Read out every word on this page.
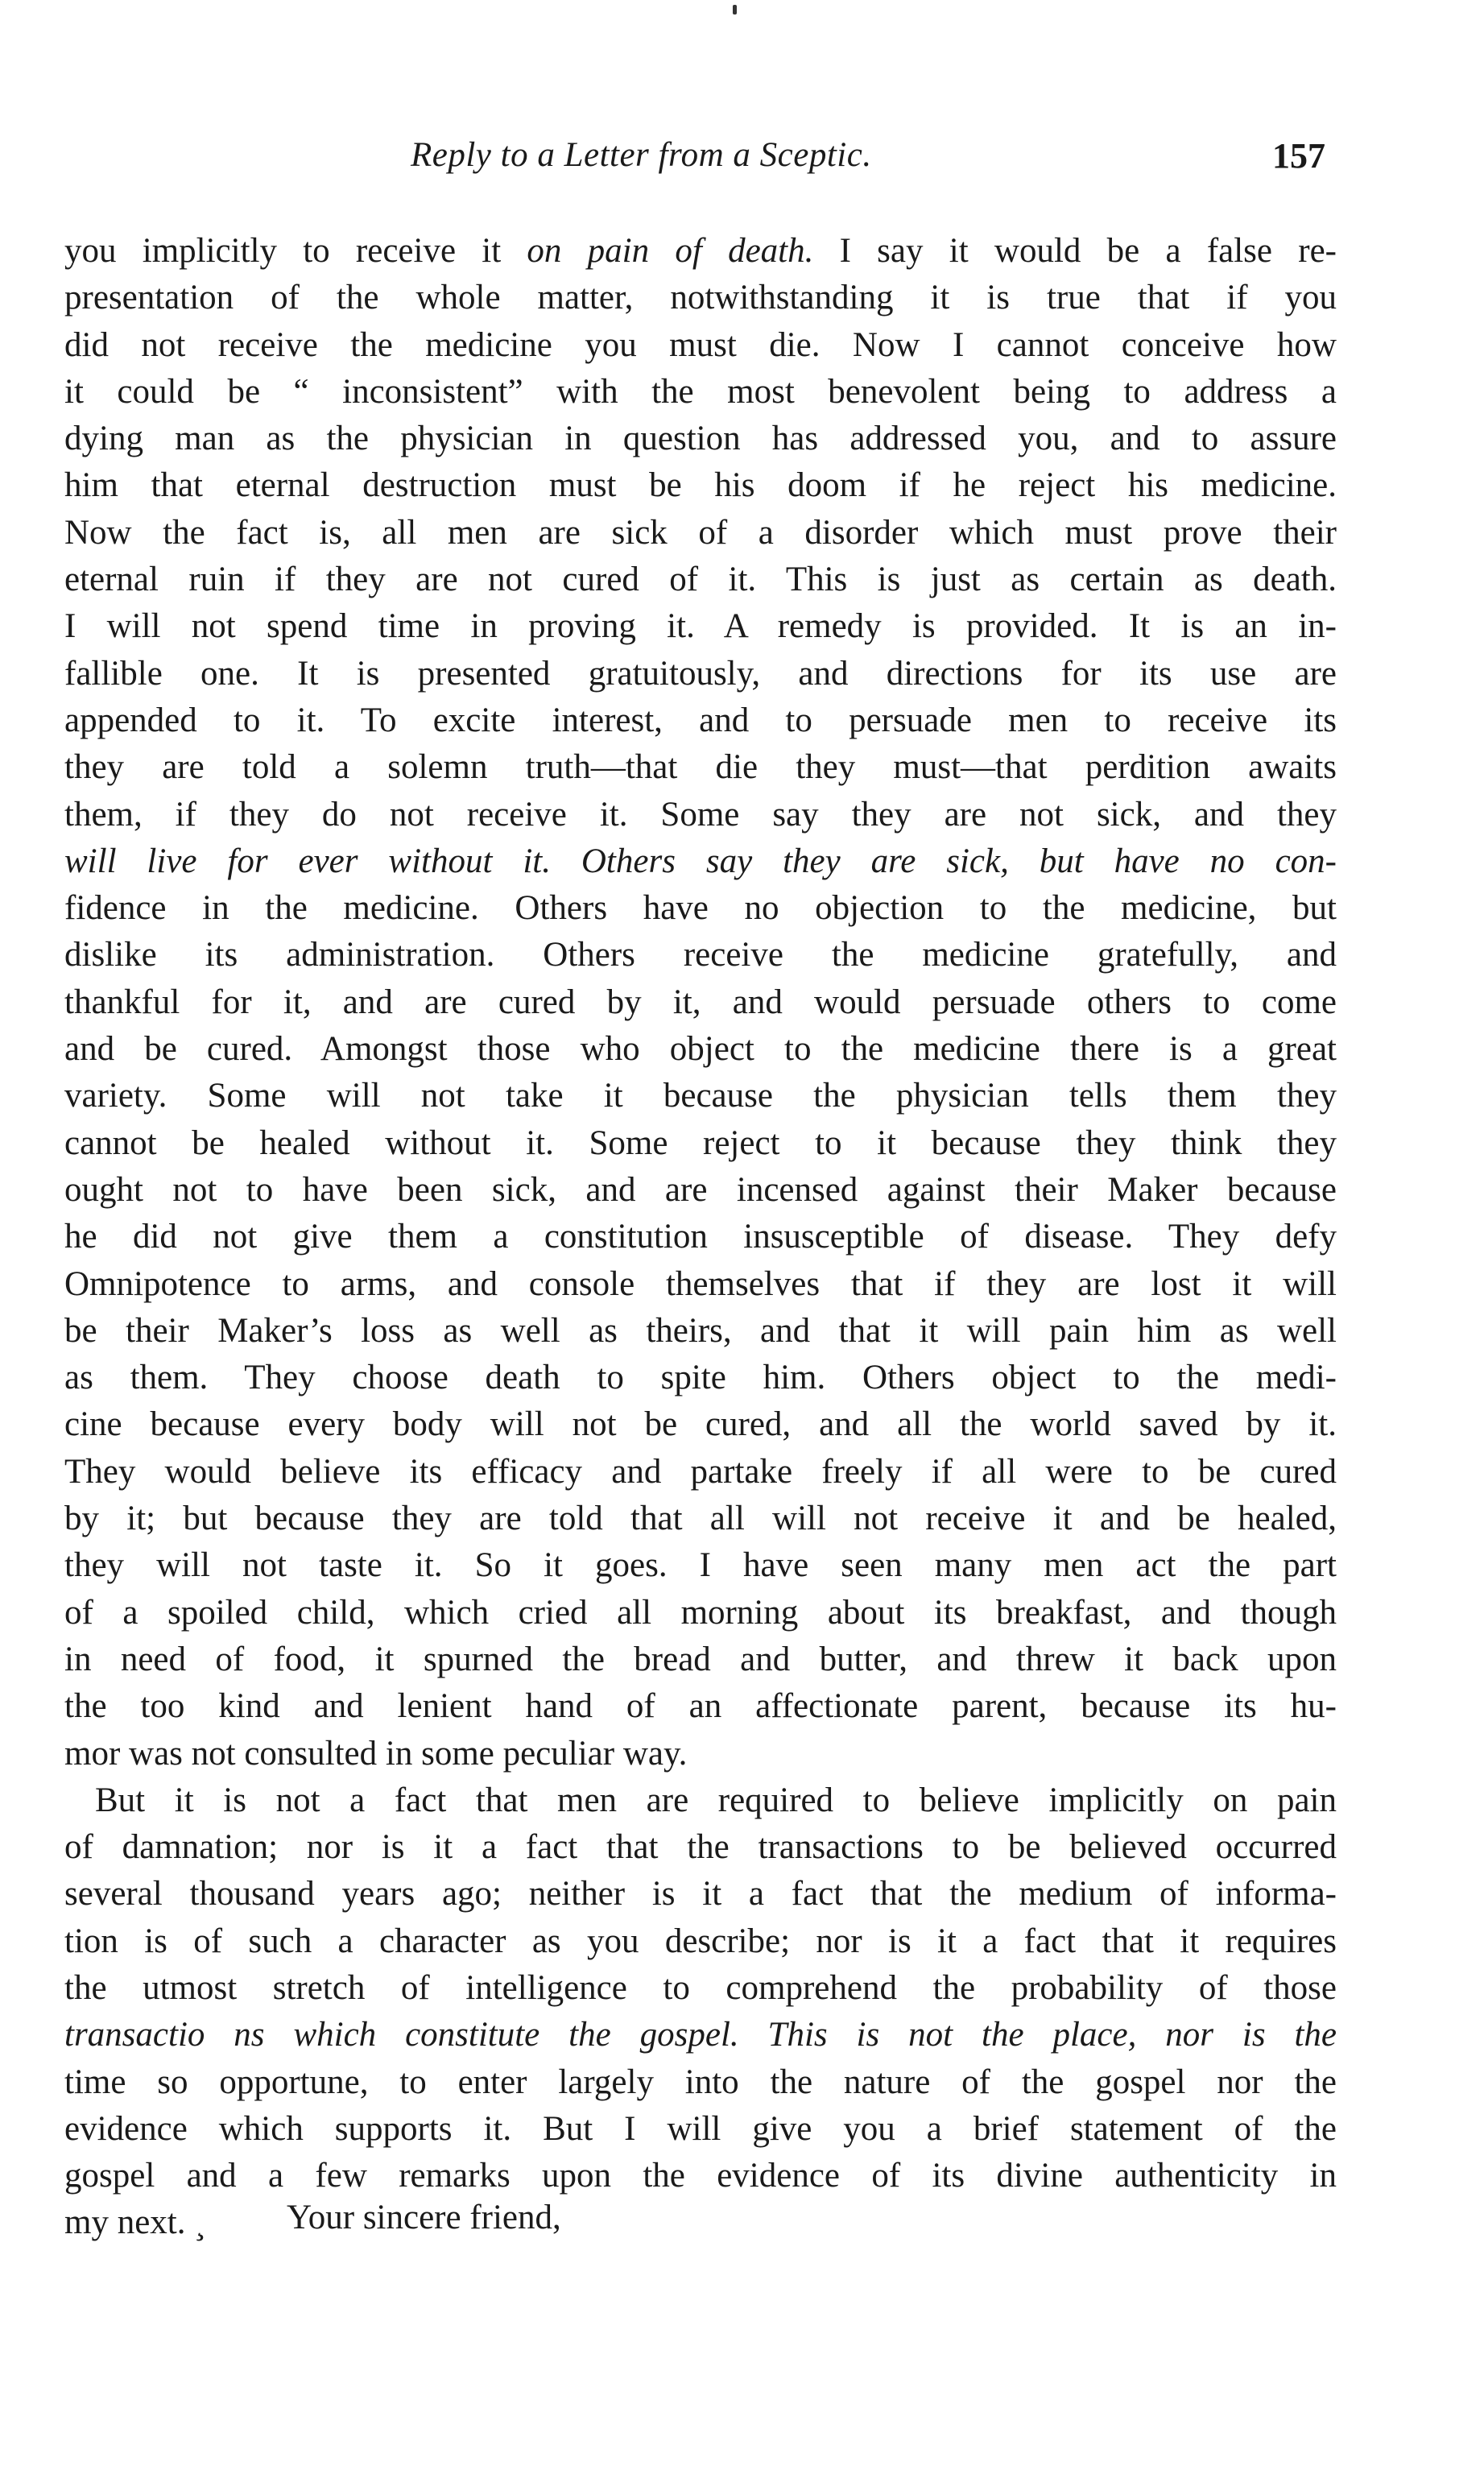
Reply to a Letter from a Sceptic.	157
you implicitly to receive it on pain of death. I say it would be a false re-
presentation of the whole matter, notwithstanding it is true that if you
did not receive the medicine you must die. Now I cannot conceive how
it could be “ inconsistent” with the most benevolent being to address a
dying man as the physician in question has addressed you, and to assure
him that eternal destruction must be his doom if he reject his medicine.
Now the fact is, all men are sick of a disorder which must prove their
eternal ruin if they are not cured of it. This is just as certain as death.
I will not spend time in proving it. A remedy is provided. It is an in-
fallible one. It is presented gratuitously, and directions for its use are
appended to it. To excite interest, and to persuade men to receive its
they are told a solemn truth—that die they must—that perdition awaits
them, if they do not receive it. Some say they are not sick, and they
will live for ever without it. Others say they are sick, but have no con-
fidence in the medicine. Others have no objection to the medicine, but
dislike its administration. Others receive the medicine gratefully, and
thankful for it, and are cured by it, and would persuade others to come
and be cured. Amongst those who object to the medicine there is a great
variety. Some will not take it because the physician tells them they
cannot be healed without it. Some reject to it because they think they
ought not to have been sick, and are incensed against their Maker because
he did not give them a constitution insusceptible of disease. They defy
Omnipotence to arms, and console themselves that if they are lost it will
be their Maker’s loss as well as theirs, and that it will pain him as well
as them. They choose death to spite him. Others object to the medi-
cine because every body will not be cured, and all the world saved by it.
They would believe its efficacy and partake freely if all were to be cured
by it; but because they are told that all will not receive it and be healed,
they will not taste it. So it goes. I have seen many men act the part
of a spoiled child, which cried all morning about its breakfast, and though
in need of food, it spurned the bread and butter, and threw it back upon
the too kind and lenient hand of an affectionate parent, because its hu-
mor was not consulted in some peculiar way.
But it is not a fact that men are required to believe implicitly on pain
of damnation; nor is it a fact that the transactions to be believed occurred
several thousand years ago; neither is it a fact that the medium of informa-
tion is of such a character as you describe; nor is it a fact that it requires
the utmost stretch of intelligence to comprehend the probability of those
transactio ns which constitute the gospel. This is not the place, nor is the
time so opportune, to enter largely into the nature of the gospel nor the
evidence which supports it. But I will give you a brief statement of the
gospel and a few remarks upon the evidence of its divine authenticity in
my next. ¸	Your sincere friend,
